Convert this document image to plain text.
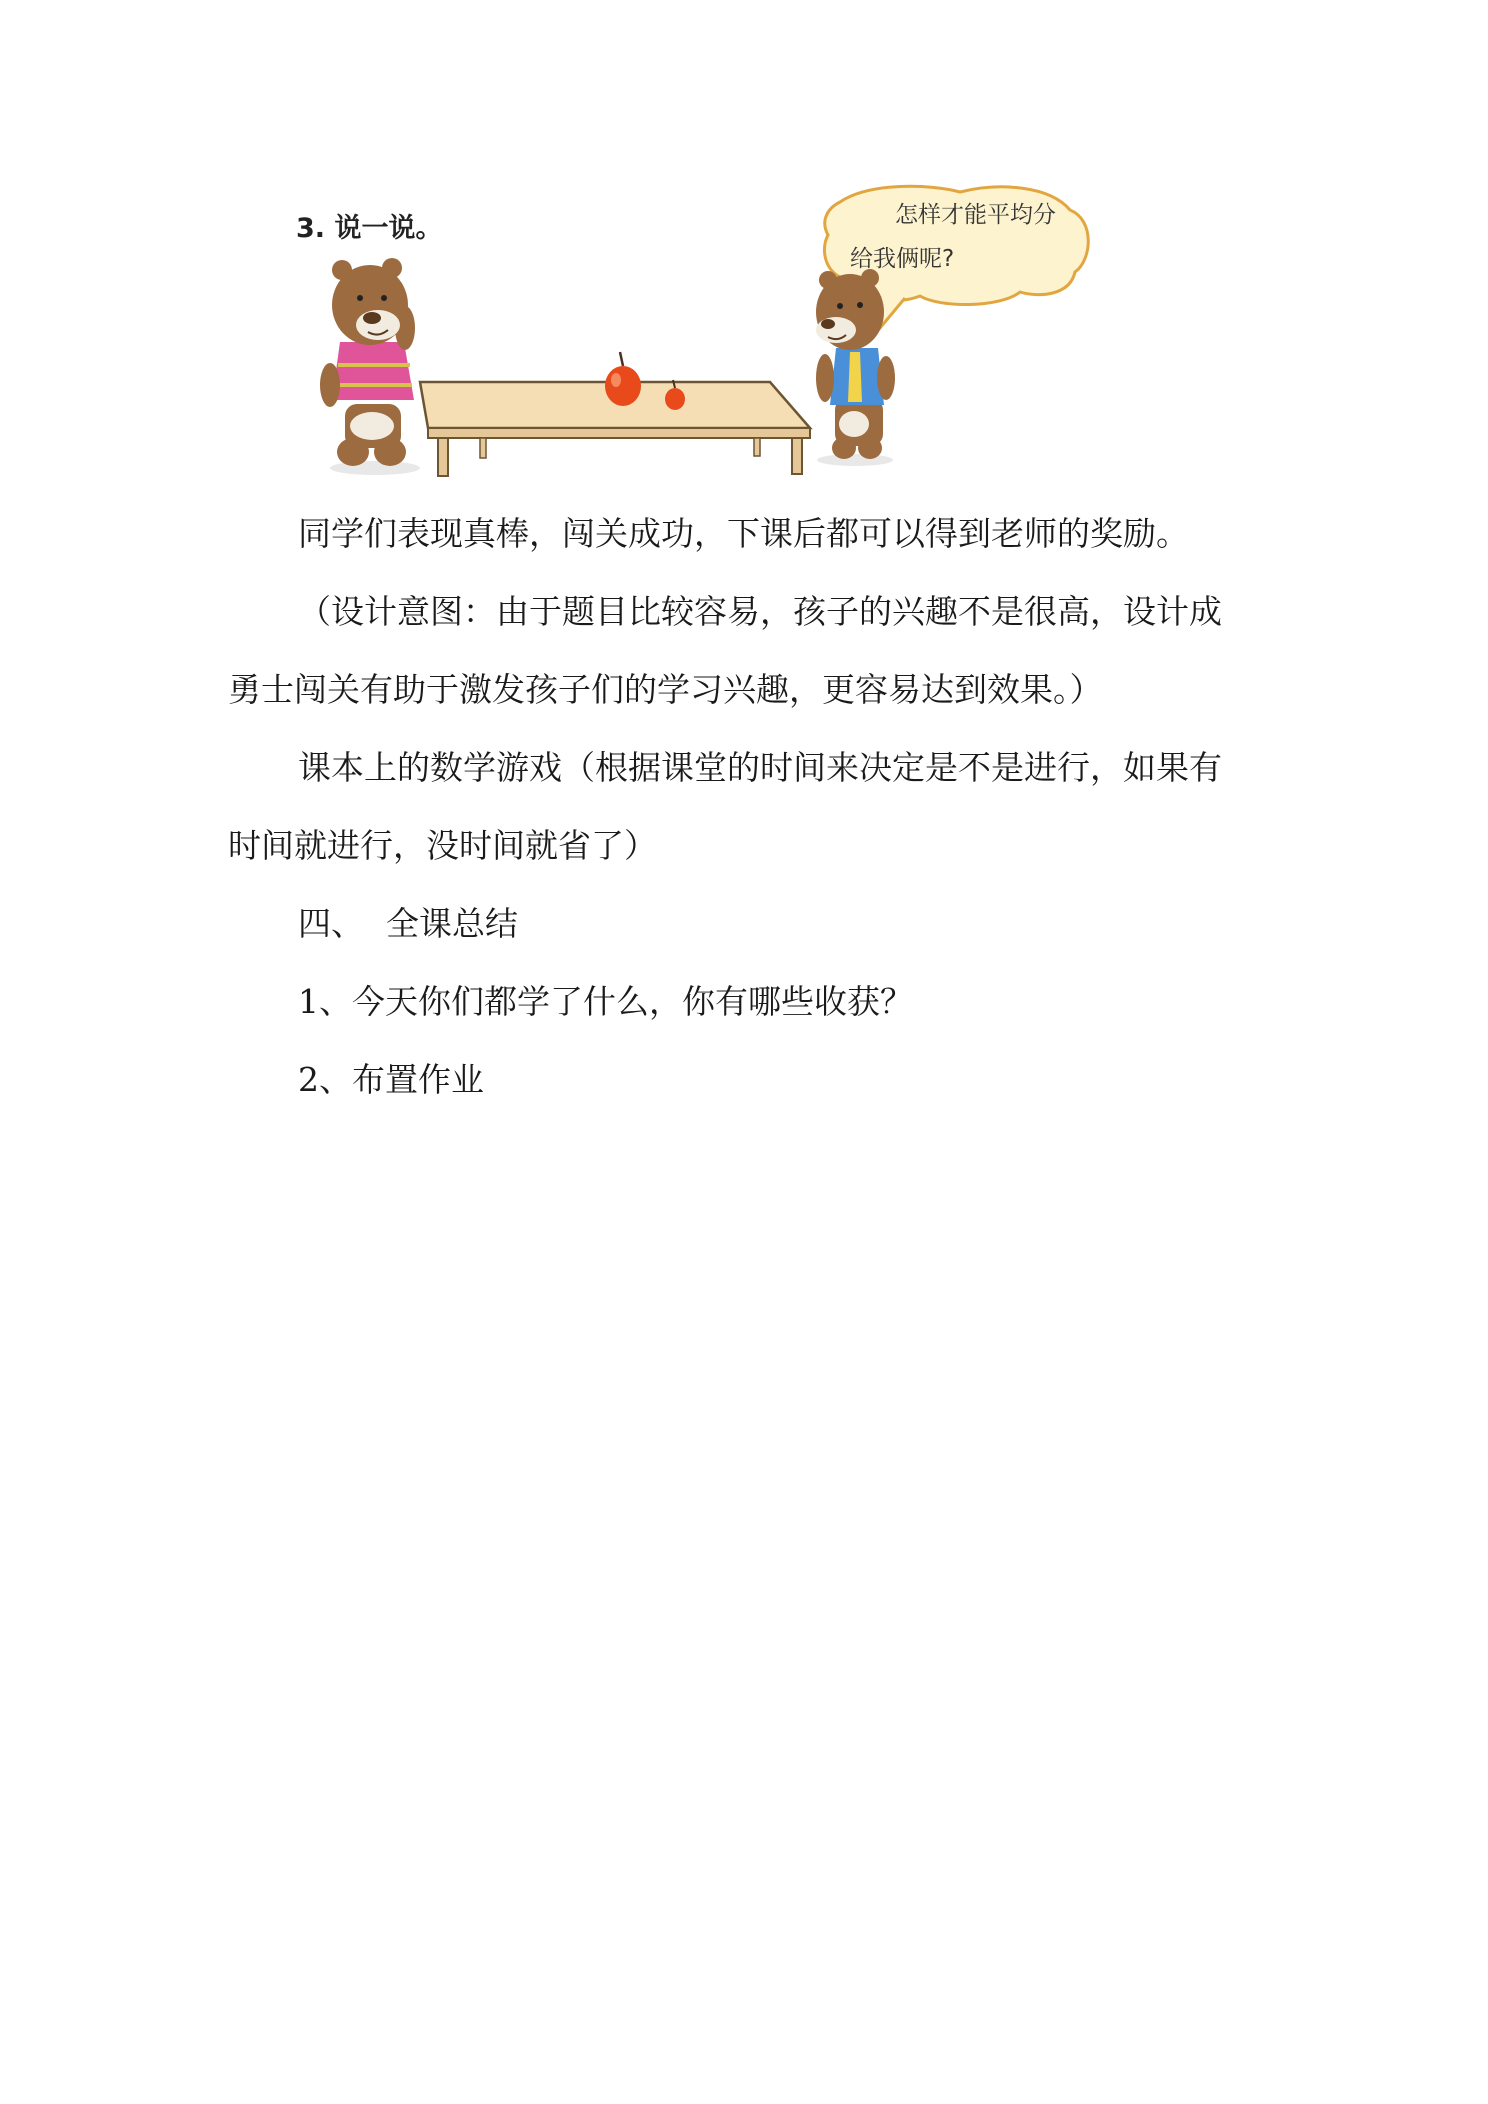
3. 说一说。	怎样才能平均分
给我俩呢?
同学们表现真棒，闯关成功，下课后都可以得到老师的奖励。
（设计意图：由于题目比较容易，孩子的兴趣不是很高，设计成
勇士闯关有助于激发孩子们的学习兴趣，更容易达到效果。）
课本上的数学游戏（根据课堂的时间来决定是不是进行，如果有
时间就进行，没时间就省了）
四、 全课总结
1、今天你们都学了什么，你有哪些收获？
2、布置作业
